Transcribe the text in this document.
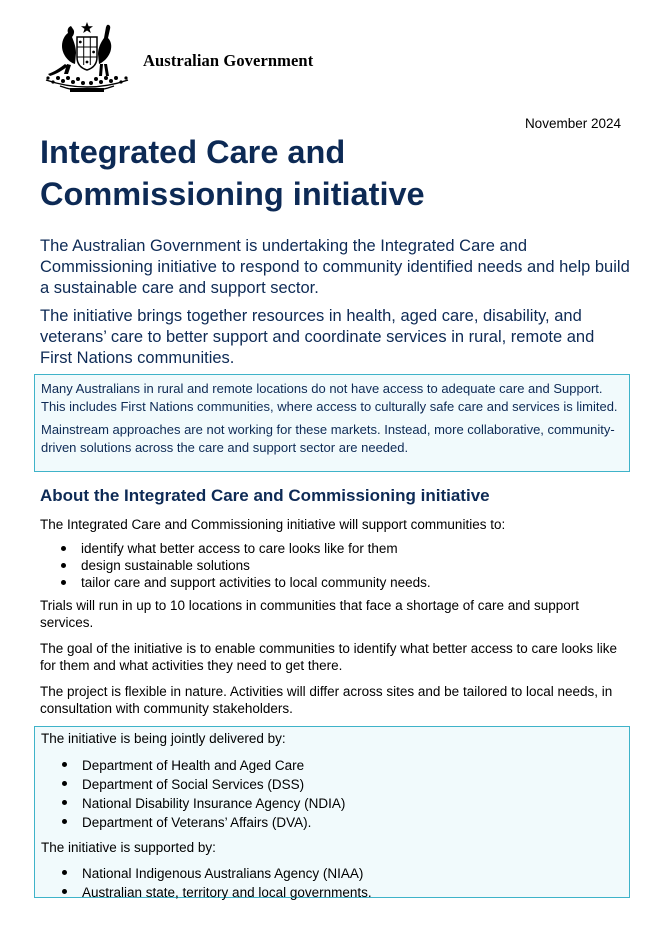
Australian Government
November 2024
Integrated Care and
Commissioning initiative

The Australian Government is undertaking the Integrated Care and Commissioning initiative to respond to community identified needs and help build a sustainable care and support sector.

The initiative brings together resources in health, aged care, disability, and veterans’ care to better support and coordinate services in rural, remote and First Nations communities.

Many Australians in rural and remote locations do not have access to adequate care and Support. This includes First Nations communities, where access to culturally safe care and services is limited.

Mainstream approaches are not working for these markets. Instead, more collaborative, community-driven solutions across the care and support sector are needed.

About the Integrated Care and Commissioning initiative

The Integrated Care and Commissioning initiative will support communities to:

identify what better access to care looks like for them
design sustainable solutions
tailor care and support activities to local community needs.

Trials will run in up to 10 locations in communities that face a shortage of care and support services.

The goal of the initiative is to enable communities to identify what better access to care looks like for them and what activities they need to get there.

The project is flexible in nature. Activities will differ across sites and be tailored to local needs, in consultation with community stakeholders.

The initiative is being jointly delivered by:

Department of Health and Aged Care
Department of Social Services (DSS)
National Disability Insurance Agency (NDIA)
Department of Veterans’ Affairs (DVA).

The initiative is supported by:

National Indigenous Australians Agency (NIAA)
Australian state, territory and local governments.
